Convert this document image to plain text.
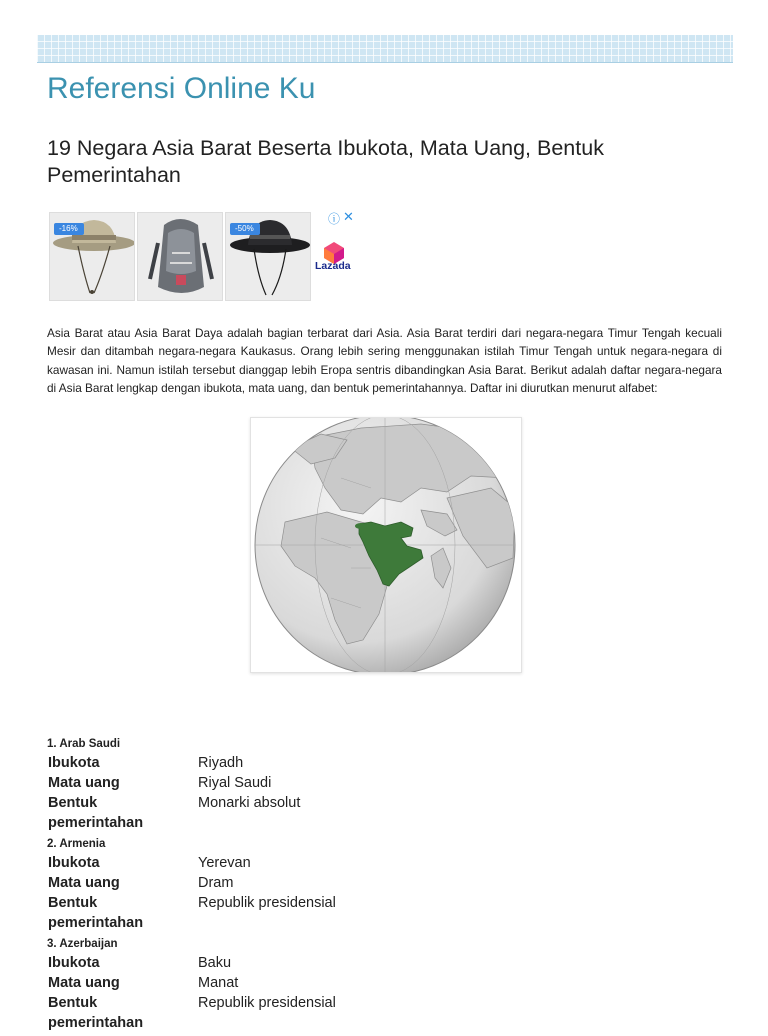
Referensi Online Ku
19 Negara Asia Barat Beserta Ibukota, Mata Uang, Bentuk Pemerintahan
-16%	-50%
ⓘ ✕
Lazada

Asia Barat atau Asia Barat Daya adalah bagian terbarat dari Asia. Asia Barat terdiri dari negara-negara Timur Tengah kecuali Mesir dan ditambah negara-negara Kaukasus. Orang lebih sering menggunakan istilah Timur Tengah untuk negara-negara di kawasan ini. Namun istilah tersebut dianggap lebih Eropa sentris dibandingkan Asia Barat. Berikut adalah daftar negara-negara di Asia Barat lengkap dengan ibukota, mata uang, dan bentuk pemerintahannya. Daftar ini diurutkan menurut alfabet:

1. Arab Saudi

Ibukota	Riyadh
Mata uang	Riyal Saudi
Bentuk pemerintahan	Monarki absolut

2. Armenia

Ibukota	Yerevan
Mata uang	Dram
Bentuk pemerintahan	Republik presidensial

3. Azerbaijan

Ibukota	Baku
Mata uang	Manat
Bentuk pemerintahan	Republik presidensial
